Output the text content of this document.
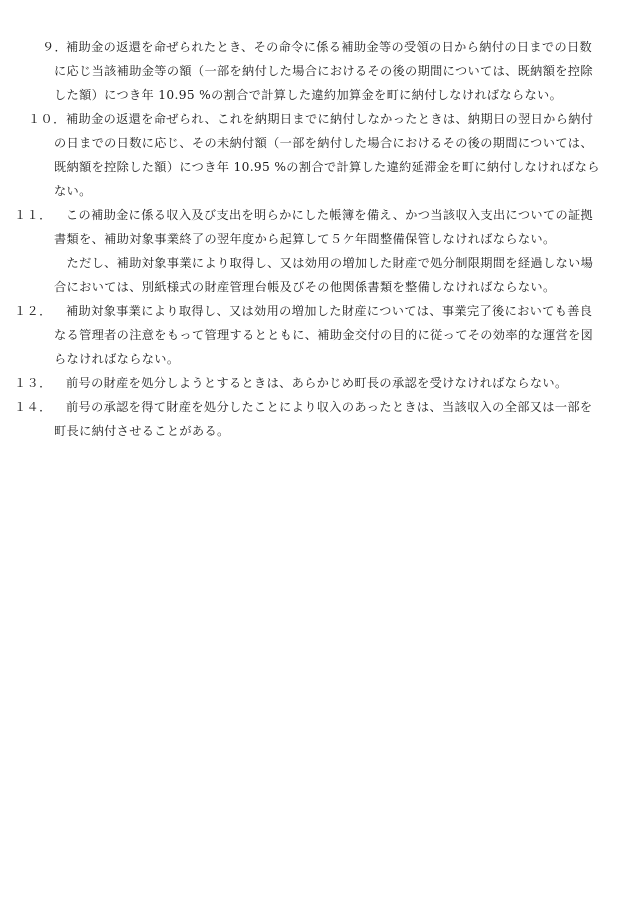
９．
補助金の返還を命ぜられたとき、その命令に係る補助金等の受領の日から納付の日までの日数
に応じ当該補助金等の額（一部を納付した場合におけるその後の期間については、既納額を控除
した額）につき年 10.95 %の割合で計算した違約加算金を町に納付しなければならない。
１０． 補助金の返還を命ぜられ、これを納期日までに納付しなかったときは、納期日の翌日から納付
の日までの日数に応じ、その未納付額（一部を納付した場合におけるその後の期間については、
既納額を控除した額）につき年 10.95 %の割合で計算した違約延滞金を町に納付しなければなら
ない。
１１． この補助金に係る収入及び支出を明らかにした帳簿を備え、かつ当該収入支出についての証拠
書類を、補助対象事業終了の翌年度から起算して５ケ年間整備保管しなければならない。
　ただし、補助対象事業により取得し、又は効用の増加した財産で処分制限期間を経過しない場
合においては、別紙様式の財産管理台帳及びその他関係書類を整備しなければならない。
１２． 補助対象事業により取得し、又は効用の増加した財産については、事業完了後においても善良
なる管理者の注意をもって管理するとともに、補助金交付の目的に従ってその効率的な運営を図
らなければならない。
１３． 前号の財産を処分しようとするときは、あらかじめ町長の承認を受けなければならない。
１４． 前号の承認を得て財産を処分したことにより収入のあったときは、当該収入の全部又は一部を
町長に納付させることがある。
